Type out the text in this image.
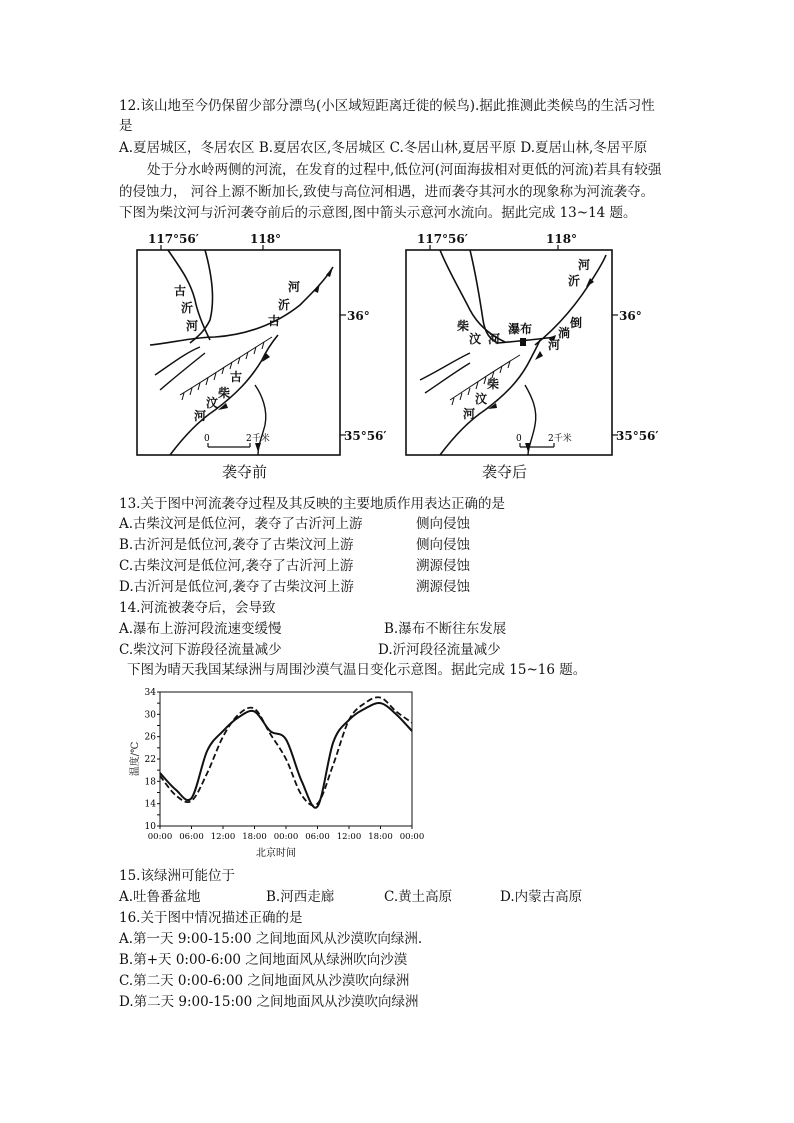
12.该山地至今仍保留少部分漂鸟(小区域短距离迁徙的候鸟).据此推测此类候鸟的生活习性
是
A.夏居城区，冬居农区 B.夏居农区,冬居城区 C.冬居山林,夏居平原 D.夏居山林,冬居平原
处于分水岭两侧的河流，在发育的过程中,低位河(河面海拔相对更低的河流)若具有较强
的侵蚀力， 河谷上源不断加长,致使与高位河相遇，进而袭夺其河水的现象称为河流袭夺。
下图为柴汶河与沂河袭夺前后的示意图,图中箭头示意河水流向。据此完成 13~14 题。
117°56′	118°
古
沂
河
河
沂
古
古
柴
汶
河
0	2千米
袭夺前
117°56′	118°
河
沂
柴
汶 河
瀑布	倒
淌
河
柴
汶
河
0	2千米
袭夺后
36°
35°56′
36°
35°56′
13.关于图中河流袭夺过程及其反映的主要地质作用表达正确的是
A.古柴汶河是低位河，袭夺了古沂河上游	侧向侵蚀
B.古沂河是低位河,袭夺了古柴汶河上游	侧向侵蚀
C.古柴汶河是低位河,袭夺了古沂河上游	溯源侵蚀
D.古沂河是低位河,袭夺了古柴汶河上游	溯源侵蚀
14.河流被袭夺后，会导致
A.瀑布上游河段流速变缓慢	B.瀑布不断往东发展
C.柴汶河下游段径流量减少	D.沂河段径流量减少
下图为晴天我国某绿洲与周围沙漠气温日变化示意图。据此完成 15~16 题。
10
14
18
22
26
30
34
00:00 06:00 12:00 18:00 00:00 06:00 12:00 18:00 00:00
温度/℃
北京时间
15.该绿洲可能位于
A.吐鲁番盆地	B.河西走廊	C.黄土高原	D.内蒙古高原
16.关于图中情况描述正确的是
A.第一天 9:00-15:00 之间地面风从沙漠吹向绿洲.
B.第+天 0:00-6:00 之间地面风从绿洲吹向沙漠
C.第二天 0:00-6:00 之间地面风从沙漠吹向绿洲
D.第二天 9:00-15:00 之间地面风从沙漠吹向绿洲
